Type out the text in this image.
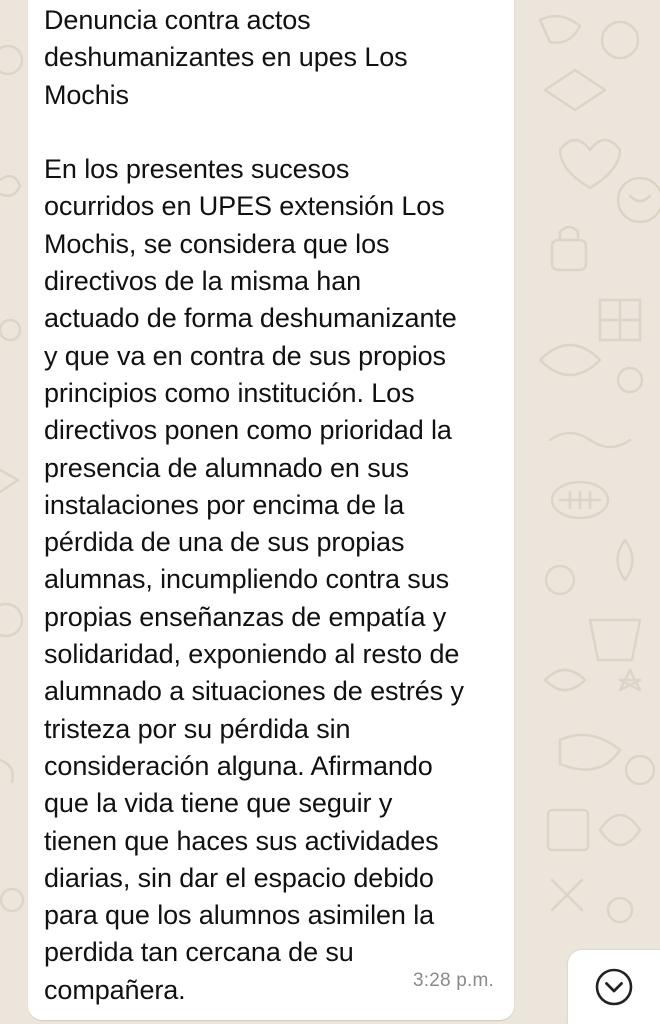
Denuncia contra actos
deshumanizantes en upes Los
Mochis

En los presentes sucesos
ocurridos en UPES extensión Los
Mochis, se considera que los
directivos de la misma han
actuado de forma deshumanizante
y que va en contra de sus propios
principios como institución. Los
directivos ponen como prioridad la
presencia de alumnado en sus
instalaciones por encima de la
pérdida de una de sus propias
alumnas, incumpliendo contra sus
propias enseñanzas de empatía y
solidaridad, exponiendo al resto de
alumnado a situaciones de estrés y
tristeza por su pérdida sin
consideración alguna. Afirmando
que la vida tiene que seguir y
tienen que haces sus actividades
diarias, sin dar el espacio debido
para que los alumnos asimilen la
perdida tan cercana de su
compañera.	3:28 p.m.
